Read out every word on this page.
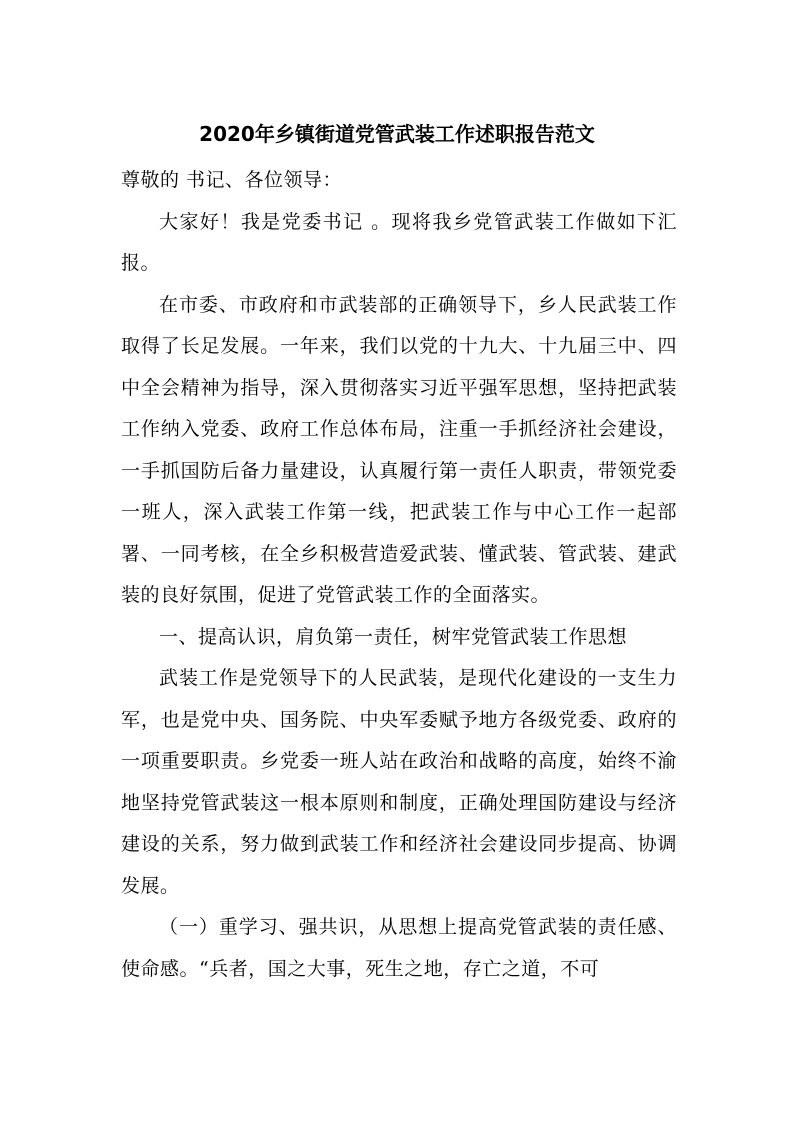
2020年乡镇街道党管武装工作述职报告范文

尊敬的 书记、各位领导：

大家好！我是党委书记 。现将我乡党管武装工作做如下汇报。

在市委、市政府和市武装部的正确领导下，乡人民武装工作取得了长足发展。一年来，我们以党的十九大、十九届三中、四中全会精神为指导，深入贯彻落实习近平强军思想，坚持把武装工作纳入党委、政府工作总体布局，注重一手抓经济社会建设，一手抓国防后备力量建设，认真履行第一责任人职责，带领党委一班人，深入武装工作第一线，把武装工作与中心工作一起部署、一同考核，在全乡积极营造爱武装、懂武装、管武装、建武装的良好氛围，促进了党管武装工作的全面落实。

一、提高认识，肩负第一责任，树牢党管武装工作思想

武装工作是党领导下的人民武装，是现代化建设的一支生力军，也是党中央、国务院、中央军委赋予地方各级党委、政府的一项重要职责。乡党委一班人站在政治和战略的高度，始终不渝地坚持党管武装这一根本原则和制度，正确处理国防建设与经济建设的关系，努力做到武装工作和经济社会建设同步提高、协调发展。

（一）重学习、强共识，从思想上提高党管武装的责任感、使命感。“兵者，国之大事，死生之地，存亡之道，不可
